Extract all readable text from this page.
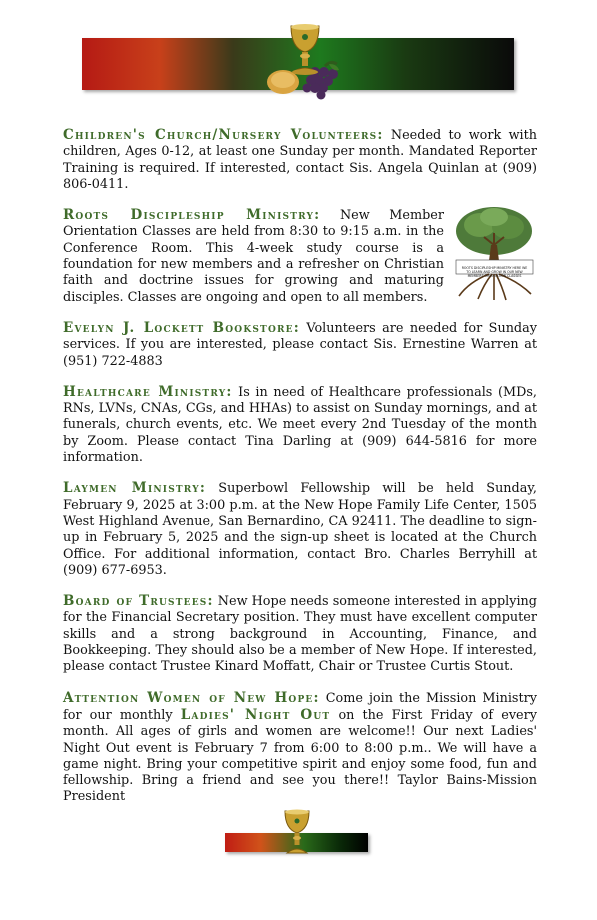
Children's Church/Nursery Volunteers: Needed to work with children, Ages 0-12, at least one Sunday per month. Mandated Reporter Training is required. If interested, contact Sis. Angela Quinlan at (909) 806-0411.

ROOTS DISCIPLESHIP MINISTRY HERE WE TO LEARN AND GROW IN OUR NEW MEMBERS ORIENTATION CLASSES
Roots Discipleship Ministry: New Member Orientation Classes are held from 8:30 to 9:15 a.m. in the Conference Room. This 4-week study course is a foundation for new members and a refresher on Christian faith and doctrine issues for growing and maturing disciples. Classes are ongoing and open to all members.

Evelyn J. Lockett Bookstore: Volunteers are needed for Sunday services. If you are interested, please contact Sis. Ernestine Warren at (951) 722-4883

Healthcare Ministry: Is in need of Healthcare professionals (MDs, RNs, LVNs, CNAs, CGs, and HHAs) to assist on Sunday mornings, and at funerals, church events, etc. We meet every 2nd Tuesday of the month by Zoom. Please contact Tina Darling at (909) 644-5816 for more information.

Laymen Ministry: Superbowl Fellowship will be held Sunday, February 9, 2025 at 3:00 p.m. at the New Hope Family Life Center, 1505 West Highland Avenue, San Bernardino, CA 92411. The deadline to sign-up in February 5, 2025 and the sign-up sheet is located at the Church Office. For additional information, contact Bro. Charles Berryhill at (909) 677-6953.

Board of Trustees: New Hope needs someone interested in applying for the Financial Secretary position. They must have excellent computer skills and a strong background in Accounting, Finance, and Bookkeeping. They should also be a member of New Hope. If interested, please contact Trustee Kinard Moffatt, Chair or Trustee Curtis Stout.

Attention Women of New Hope: Come join the Mission Ministry for our monthly Ladies' Night Out on the First Friday of every month. All ages of girls and women are welcome!! Our next Ladies' Night Out event is February 7 from 6:00 to 8:00 p.m.. We will have a game night. Bring your competitive spirit and enjoy some food, fun and fellowship. Bring a friend and see you there!! Taylor Bains-Mission President
